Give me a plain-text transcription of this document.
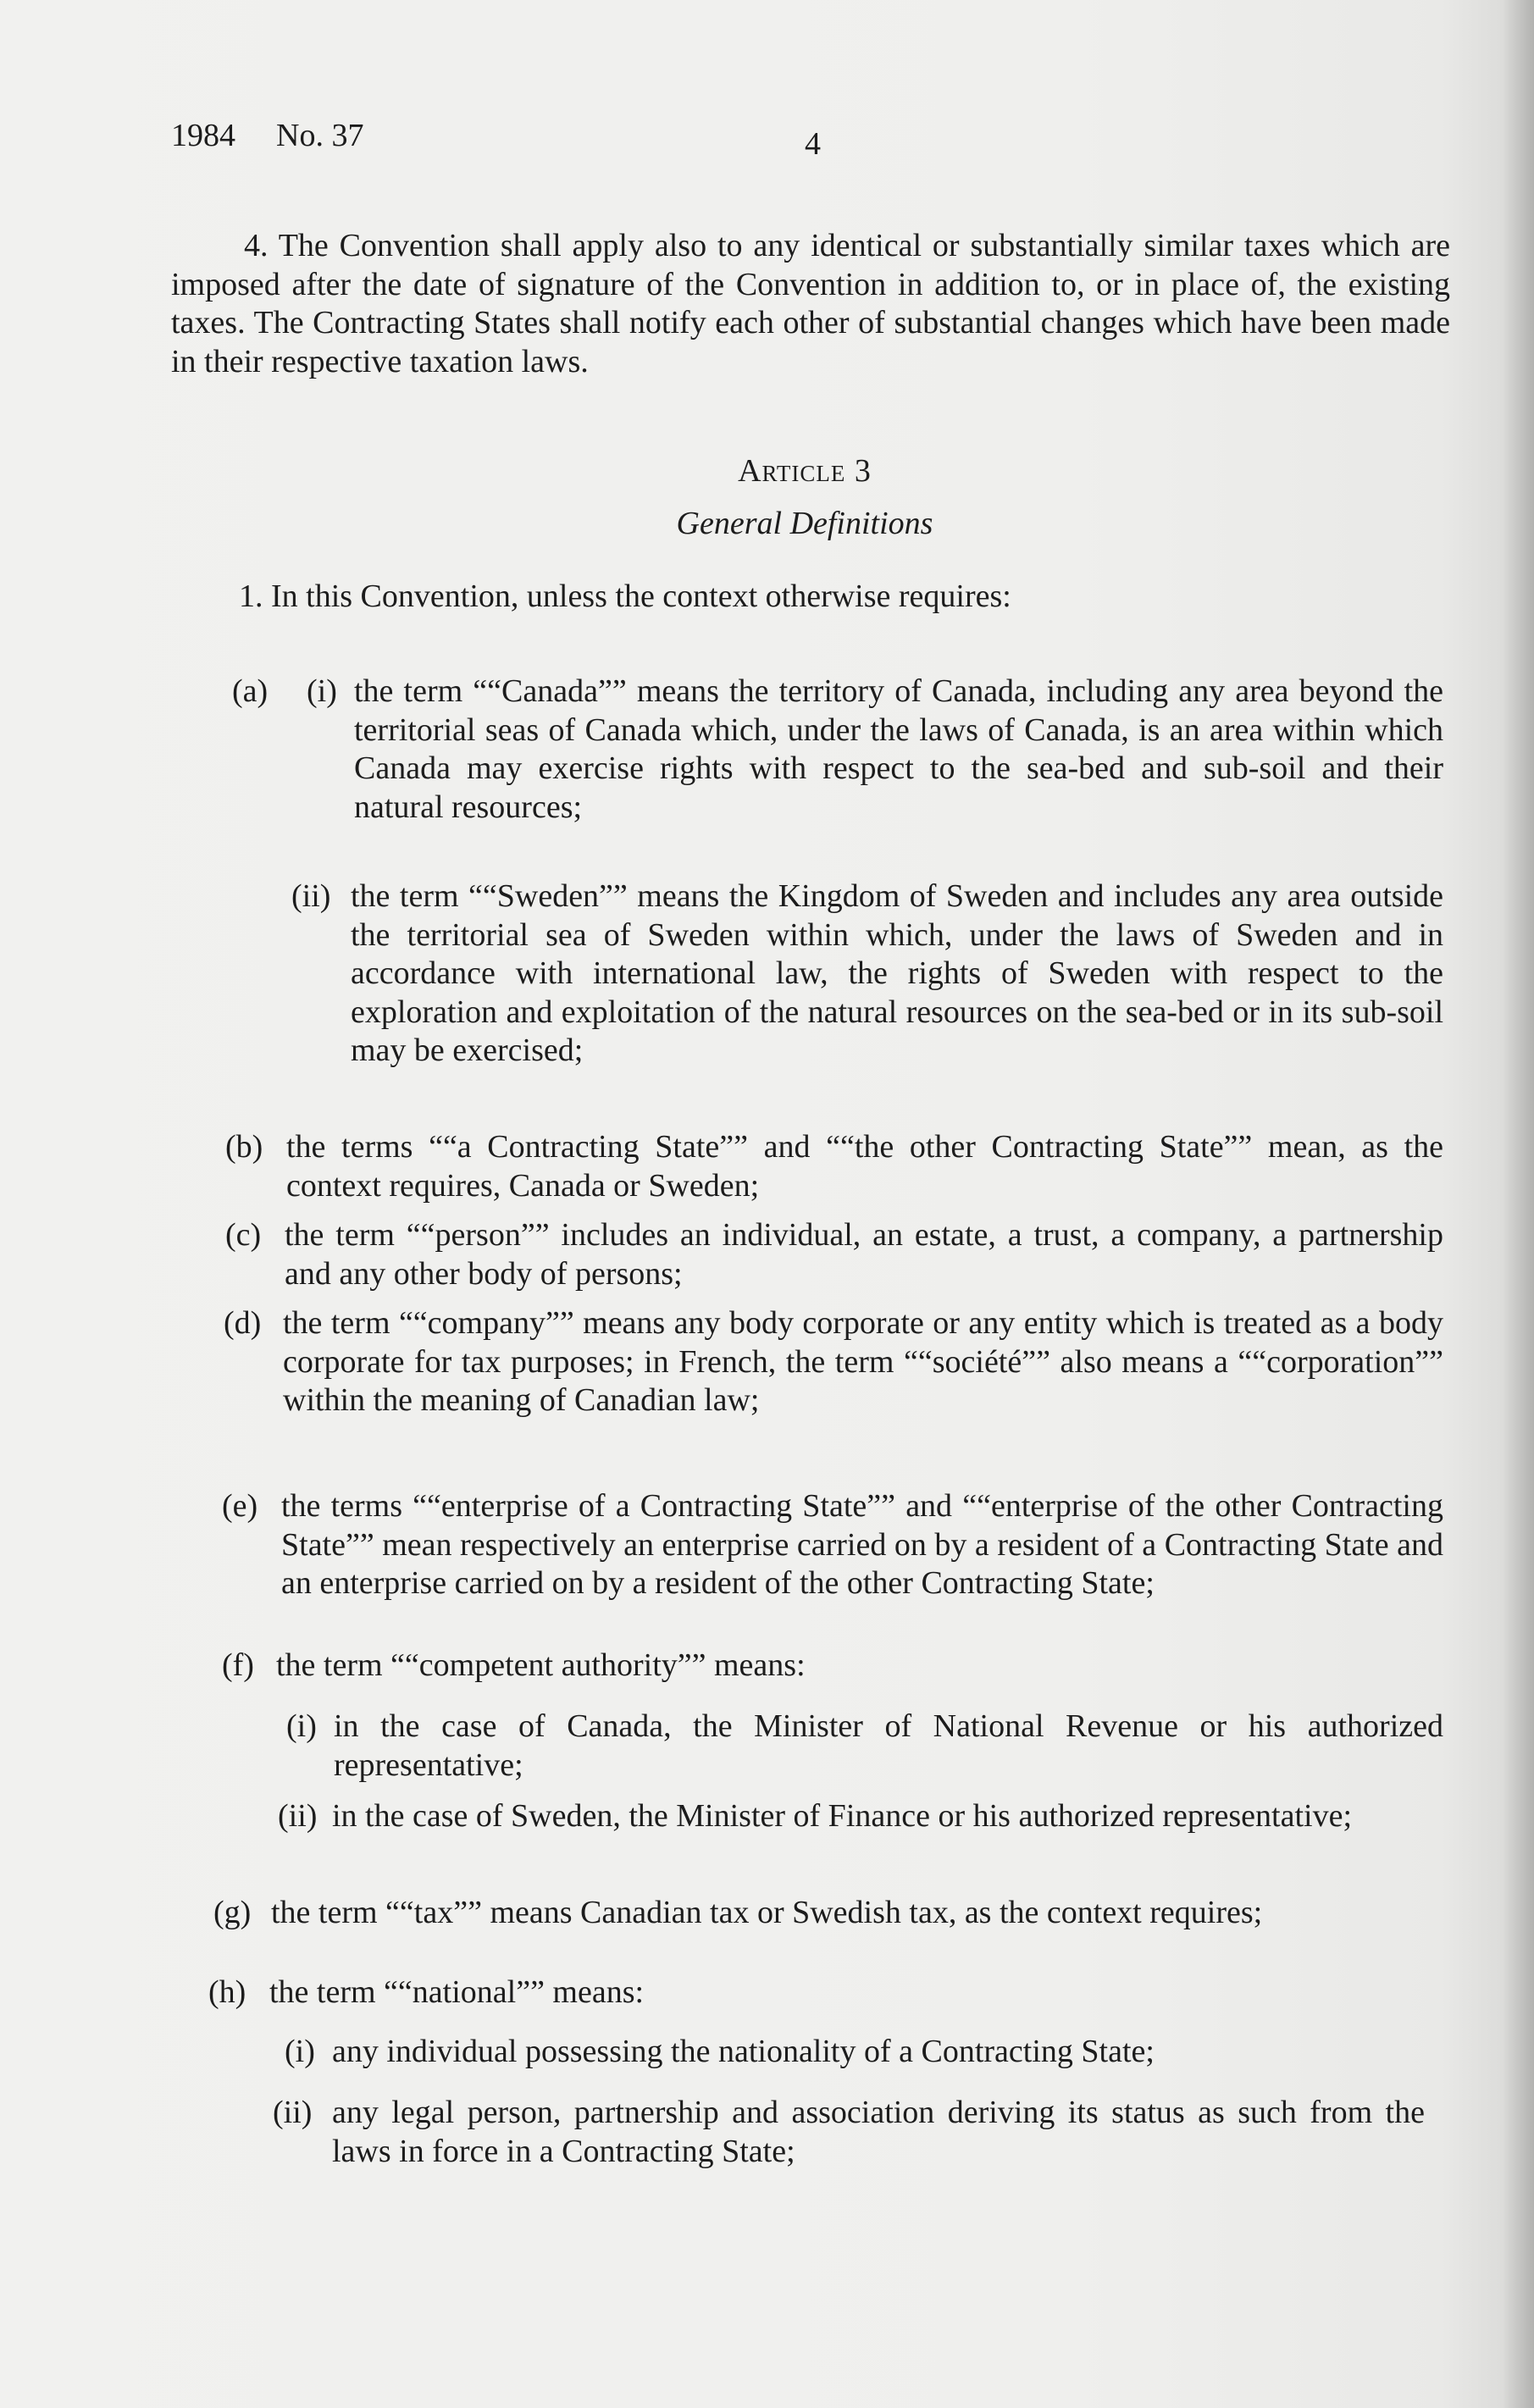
1984 No. 37	4
4. The Convention shall apply also to any identical or substantially similar taxes which are imposed after the date of signature of the Convention in addition to, or in place of, the existing taxes. The Contracting States shall notify each other of substantial changes which have been made in their respective taxation laws.
Article 3
General Definitions
1. In this Convention, unless the context otherwise requires:
(a) (i) the term ““Canada”” means the territory of Canada, including any area beyond the territorial seas of Canada which, under the laws of Canada, is an area within which Canada may exercise rights with respect to the sea-bed and sub-soil and their natural resources;
(ii) the term ““Sweden”” means the Kingdom of Sweden and includes any area outside the territorial sea of Sweden within which, under the laws of Sweden and in accordance with international law, the rights of Sweden with respect to the exploration and exploitation of the natural resources on the sea-bed or in its sub-soil may be exercised;
(b) the terms ““a Contracting State”” and ““the other Contracting State”” mean, as the context requires, Canada or Sweden;
(c) the term ““person”” includes an individual, an estate, a trust, a company, a partnership and any other body of persons;
(d) the term ““company”” means any body corporate or any entity which is treated as a body corporate for tax purposes; in French, the term ““société”” also means a ““corporation”” within the meaning of Canadian law;
(e) the terms ““enterprise of a Contracting State”” and ““enterprise of the other Contracting State”” mean respectively an enterprise carried on by a resident of a Contracting State and an enterprise carried on by a resident of the other Contracting State;
(f) the term ““competent authority”” means:
(i) in the case of Canada, the Minister of National Revenue or his authorized representative;
(ii) in the case of Sweden, the Minister of Finance or his authorized representative;
(g) the term ““tax”” means Canadian tax or Swedish tax, as the context requires;
(h) the term ““national”” means:
(i) any individual possessing the nationality of a Contracting State;
(ii) any legal person, partnership and association deriving its status as such from the laws in force in a Contracting State;
